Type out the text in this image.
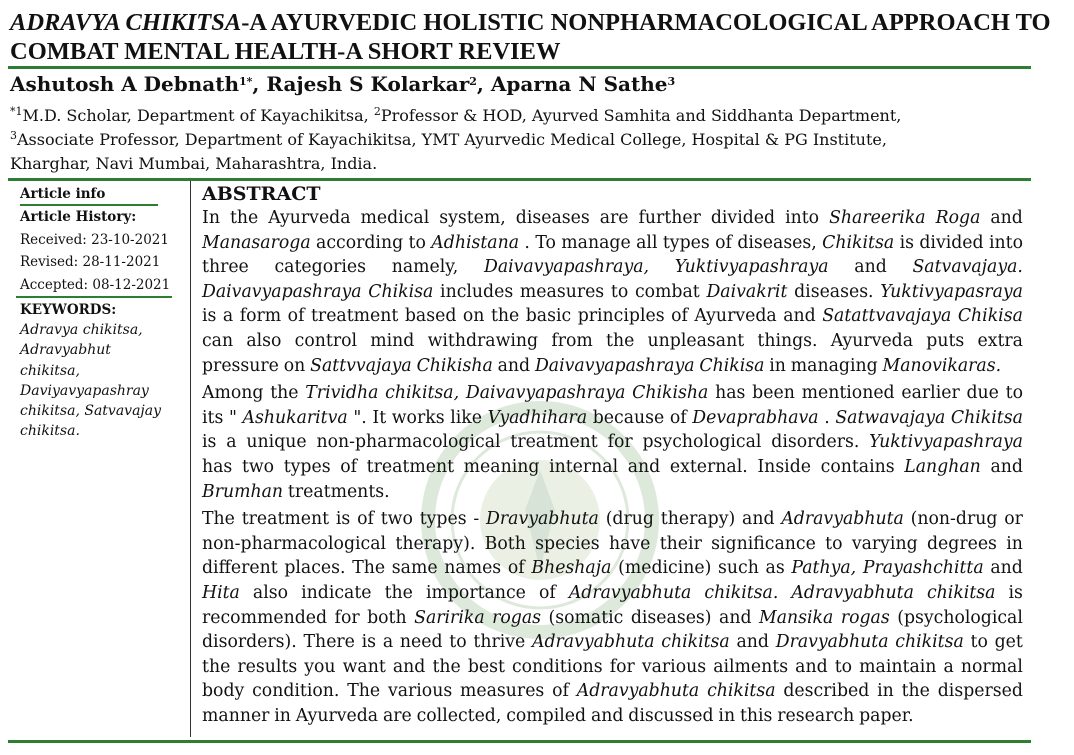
ADRAVYA CHIKITSA-A AYURVEDIC HOLISTIC NONPHARMACOLOGICAL APPROACH TO
COMBAT MENTAL HEALTH-A SHORT REVIEW

Ashutosh A Debnath$^{1*}$, Rajesh S Kolarkar$^2$, Aparna N Sathe$^3$

$^{*1}$M.D. Scholar, Department of Kayachikitsa, $^2$Professor & HOD, Ayurved Samhita and Siddhanta Department,
$^3$Associate Professor, Department of Kayachikitsa, YMT Ayurvedic Medical College, Hospital & PG Institute,
Kharghar, Navi Mumbai, Maharashtra, India.
Article info
Article History:
Received: 23-10-2021
Revised: 28-11-2021
Accepted: 08-12-2021
KEYWORDS:
Adravya chikitsa,
Adravyabhut
chikitsa,
Daviyavyapashray
chikitsa, Satvavajay
chikitsa.
ABSTRACT
In the Ayurveda medical system, diseases are further divided into Shareerika Roga and
Manasaroga according to Adhistana . To manage all types of diseases, Chikitsa is divided into
three categories namely, Daivavyapashraya, Yuktivyapashraya and Satvavajaya.
Daivavyapashraya Chikisa includes measures to combat Daivakrit diseases. Yuktivyapasraya
is a form of treatment based on the basic principles of Ayurveda and Satattvavajaya Chikisa
can also control mind withdrawing from the unpleasant things. Ayurveda puts extra
pressure on Sattvvajaya Chikisha and Daivavyapashraya Chikisa in managing Manovikaras.
Among the Trividha chikitsa, Daivavyapashraya Chikisha has been mentioned earlier due to
its " Ashukaritva ". It works like Vyadhihara because of Devaprabhava . Satwavajaya Chikitsa
is a unique non-pharmacological treatment for psychological disorders. Yuktivyapashraya
has two types of treatment meaning internal and external. Inside contains Langhan and
Brumhan treatments.
The treatment is of two types - Dravyabhuta (drug therapy) and Adravyabhuta (non-drug or
non-pharmacological therapy). Both species have their significance to varying degrees in
different places. The same names of Bheshaja (medicine) such as Pathya, Prayashchitta and
Hita also indicate the importance of Adravyabhuta chikitsa. Adravyabhuta chikitsa is
recommended for both Saririka rogas (somatic diseases) and Mansika rogas (psychological
disorders). There is a need to thrive Adravyabhuta chikitsa and Dravyabhuta chikitsa to get
the results you want and the best conditions for various ailments and to maintain a normal
body condition. The various measures of Adravyabhuta chikitsa described in the dispersed
manner in Ayurveda are collected, compiled and discussed in this research paper.
